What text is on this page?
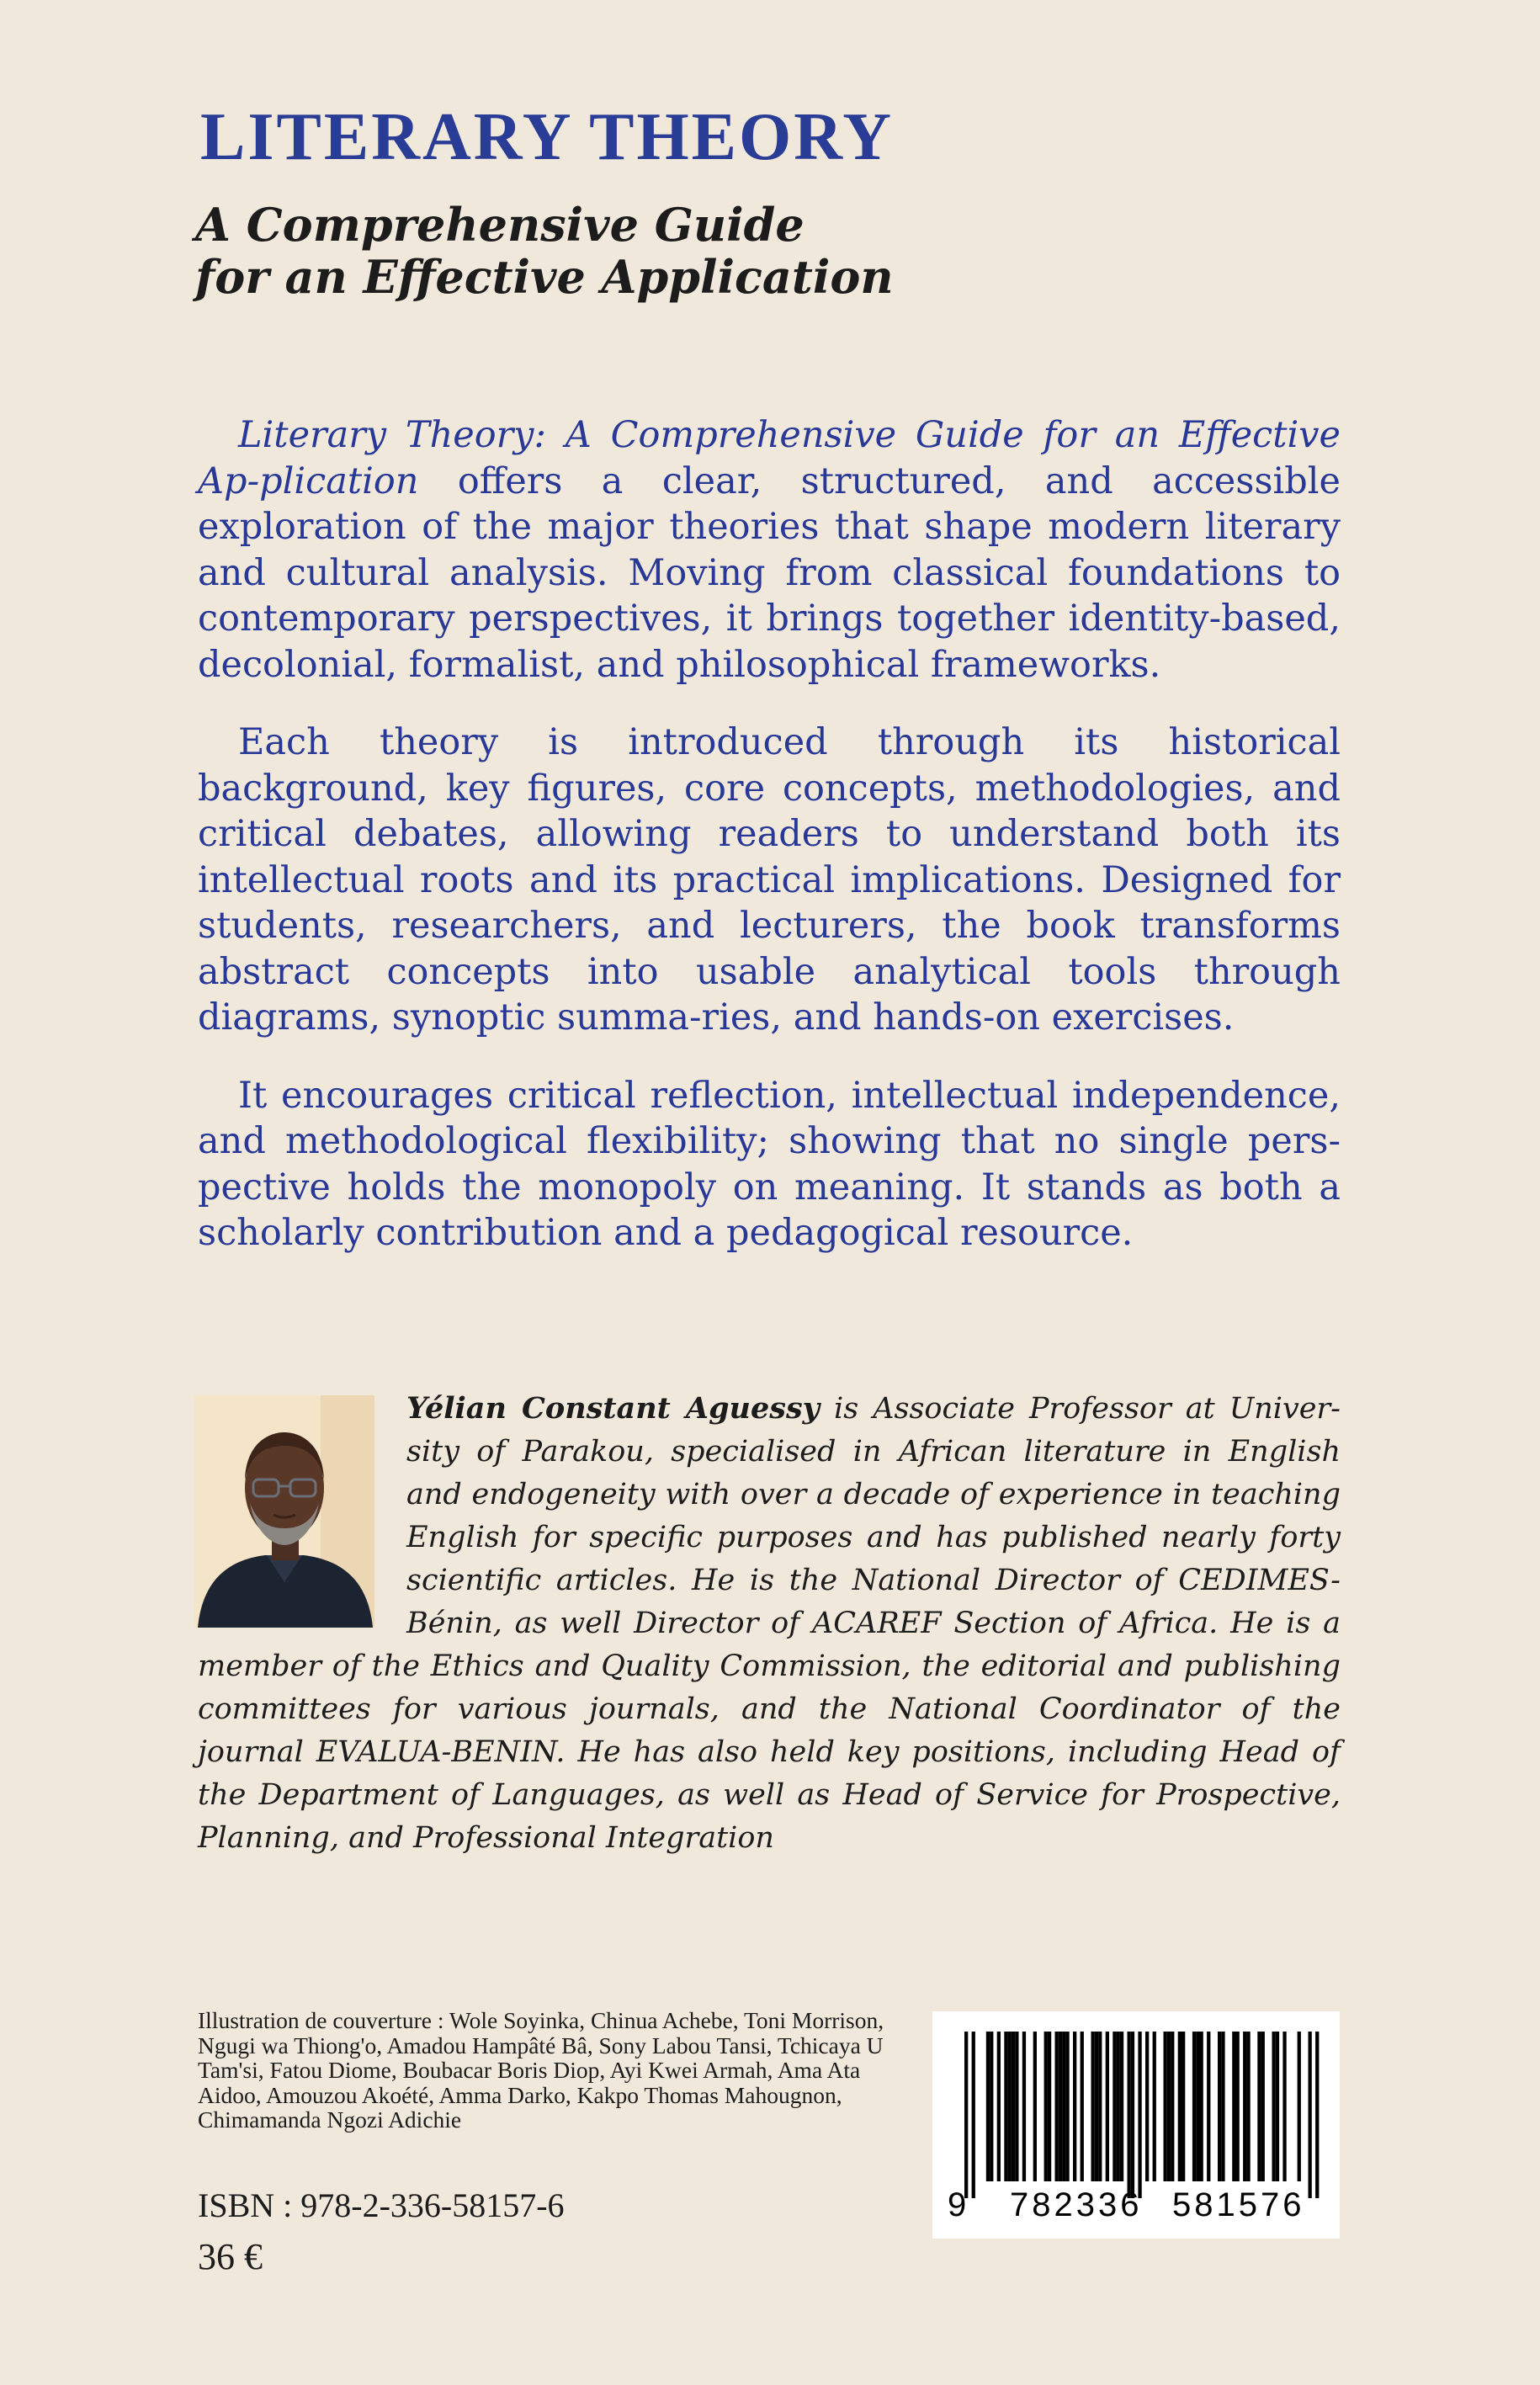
LITERARY THEORY
A Comprehensive Guide
for an Effective Application

Literary Theory: A Comprehensive Guide for an Effective Ap-plication offers a clear, structured, and accessible exploration of the major theories that shape modern literary and cultural analysis. Moving from classical foundations to contemporary perspectives, it brings together identity-based, decolonial, formalist, and philosophical frameworks.

Each theory is introduced through its historical background, key figures, core concepts, methodologies, and critical debates, allowing readers to understand both its intellectual roots and its practical implications. Designed for students, researchers, and lecturers, the book transforms abstract concepts into usable analytical tools through diagrams, synoptic summa-ries, and hands-on exercises.

It encourages critical reflection, intellectual independence, and methodological flexibility; showing that no single pers-pective holds the monopoly on meaning. It stands as both a scholarly contribution and a pedagogical resource.

Yélian Constant Aguessy is Associate Professor at Univer-sity of Parakou, specialised in African literature in English and endogeneity with over a decade of experience in teaching English for specific purposes and has published nearly forty scientific articles. He is the National Director of CEDIMES-Bénin, as well Director of ACAREF Section of Africa. He is a member of the Ethics and Quality Commission, the editorial and publishing committees for various journals, and the National Coordinator of the journal EVALUA-BENIN. He has also held key positions, including Head of the Department of Languages, as well as Head of Service for Prospective, Planning, and Professional Integration
Illustration de couverture : Wole Soyinka, Chinua Achebe, Toni Morrison, Ngugi wa Thiong'o, Amadou Hampâté Bâ, Sony Labou Tansi, Tchicaya U Tam'si, Fatou Diome, Boubacar Boris Diop, Ayi Kwei Armah, Ama Ata Aidoo, Amouzou Akoété, Amma Darko, Kakpo Thomas Mahougnon, Chimamanda Ngozi Adichie
ISBN : 978-2-336-58157-6
36 €
9 782336 581576
